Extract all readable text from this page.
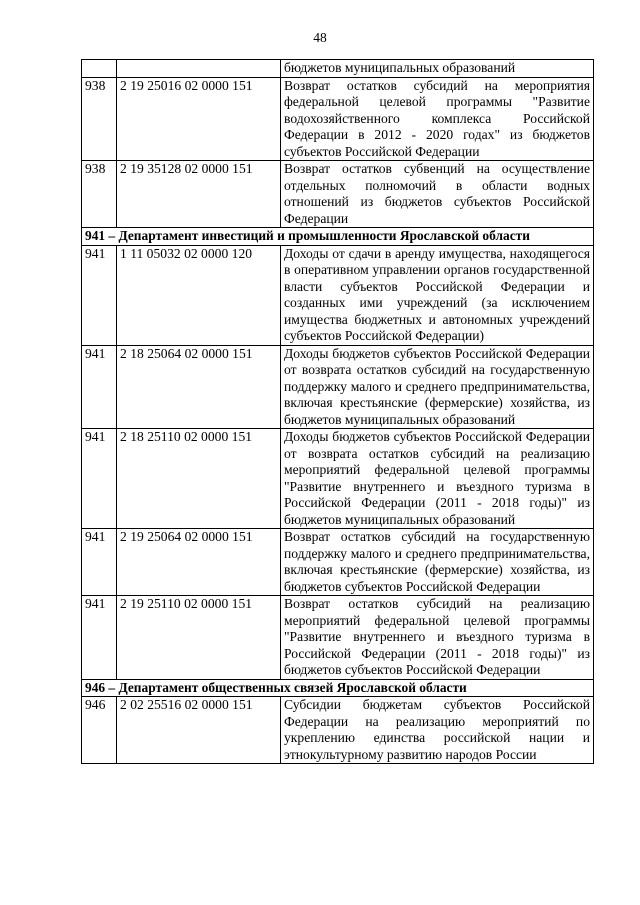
48
		бюджетов муниципальных образований
938	2 19 25016 02 0000 151	Возврат остатков субсидий на мероприятия федеральной целевой программы "Развитие водохозяйственного комплекса Российской Федерации в 2012 - 2020 годах" из бюджетов субъектов Российской Федерации
938	2 19 35128 02 0000 151	Возврат остатков субвенций на осуществление отдельных полномочий в области водных отношений из бюджетов субъектов Российской Федерации
941 – Департамент инвестиций и промышленности Ярославской области		
941	1 11 05032 02 0000 120	Доходы от сдачи в аренду имущества, находящегося в оперативном управлении органов государственной власти субъектов Российской Федерации и созданных ими учреждений (за исключением имущества бюджетных и автономных учреждений субъектов Российской Федерации)
941	2 18 25064 02 0000 151	Доходы бюджетов субъектов Российской Федерации от возврата остатков субсидий на государственную поддержку малого и среднего предпринимательства, включая крестьянские (фермерские) хозяйства, из бюджетов муниципальных образований
941	2 18 25110 02 0000 151	Доходы бюджетов субъектов Российской Федерации от возврата остатков субсидий на реализацию мероприятий федеральной целевой программы "Развитие внутреннего и въездного туризма в Российской Федерации (2011 - 2018 годы)" из бюджетов муниципальных образований
941	2 19 25064 02 0000 151	Возврат остатков субсидий на государственную поддержку малого и среднего предпринимательства, включая крестьянские (фермерские) хозяйства, из бюджетов субъектов Российской Федерации
941	2 19 25110 02 0000 151	Возврат остатков субсидий на реализацию мероприятий федеральной целевой программы "Развитие внутреннего и въездного туризма в Российской Федерации (2011 - 2018 годы)" из бюджетов субъектов Российской Федерации
946 – Департамент общественных связей Ярославской области		
946	2 02 25516 02 0000 151	Субсидии бюджетам субъектов Российской Федерации на реализацию мероприятий по укреплению единства российской нации и этнокультурному развитию народов России
